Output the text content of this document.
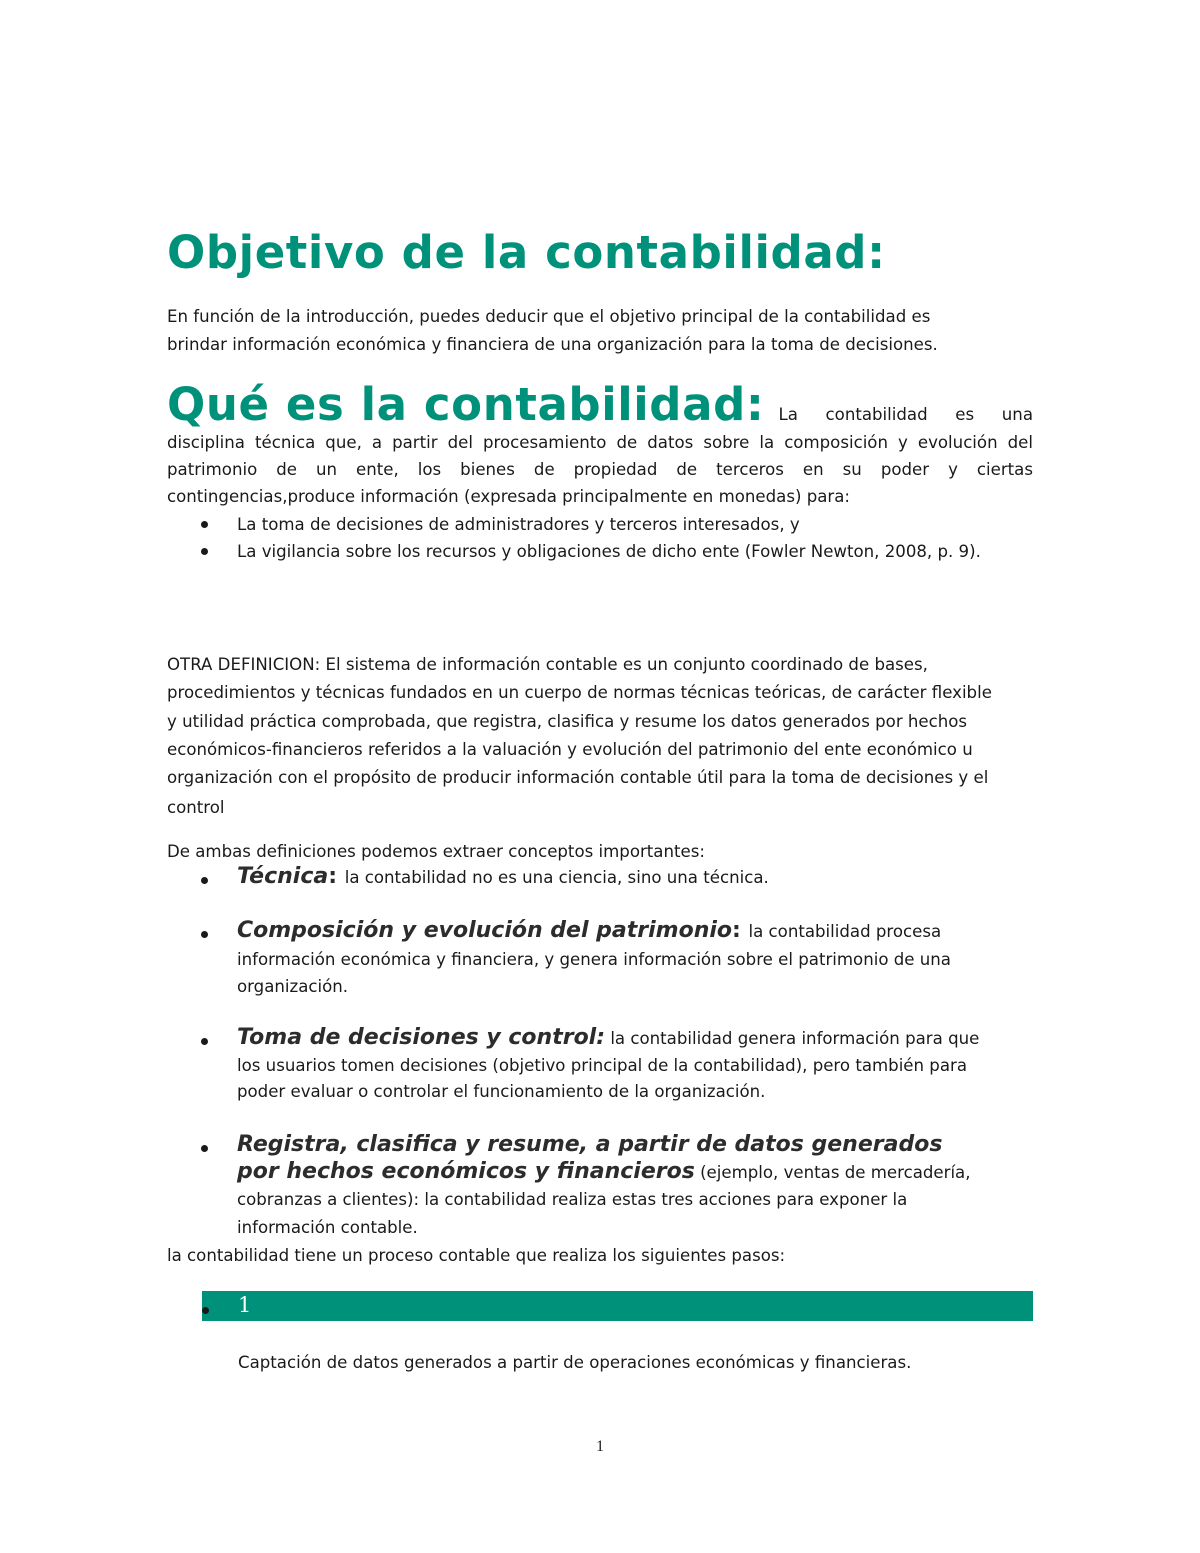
Objetivo de la contabilidad:
En función de la introducción, puedes deducir que el objetivo principal de la contabilidad es
brindar información económica y financiera de una organización para la toma de decisiones.
Qué es la contabilidad: La contabilidad es una
disciplina técnica que, a partir del procesamiento de datos sobre la composición y evolución del
patrimonio de un ente, los bienes de propiedad de terceros en su poder y ciertas
contingencias,produce información (expresada principalmente en monedas) para:
La toma de decisiones de administradores y terceros interesados, y
La vigilancia sobre los recursos y obligaciones de dicho ente (Fowler Newton, 2008, p. 9).
OTRA DEFINICION: El sistema de información contable es un conjunto coordinado de bases,
procedimientos y técnicas fundados en un cuerpo de normas técnicas teóricas, de carácter flexible
y utilidad práctica comprobada, que registra, clasifica y resume los datos generados por hechos
económicos-financieros referidos a la valuación y evolución del patrimonio del ente económico u
organización con el propósito de producir información contable útil para la toma de decisiones y el
control
De ambas definiciones podemos extraer conceptos importantes:
Técnica: la contabilidad no es una ciencia, sino una técnica.
Composición y evolución del patrimonio: la contabilidad procesa
información económica y financiera, y genera información sobre el patrimonio de una
organización.
Toma de decisiones y control: la contabilidad genera información para que
los usuarios tomen decisiones (objetivo principal de la contabilidad), pero también para
poder evaluar o controlar el funcionamiento de la organización.
Registra, clasifica y resume, a partir de datos generados
por hechos económicos y financieros (ejemplo, ventas de mercadería,
cobranzas a clientes): la contabilidad realiza estas tres acciones para exponer la
información contable.
la contabilidad tiene un proceso contable que realiza los siguientes pasos:
1
Captación de datos generados a partir de operaciones económicas y financieras.
1
